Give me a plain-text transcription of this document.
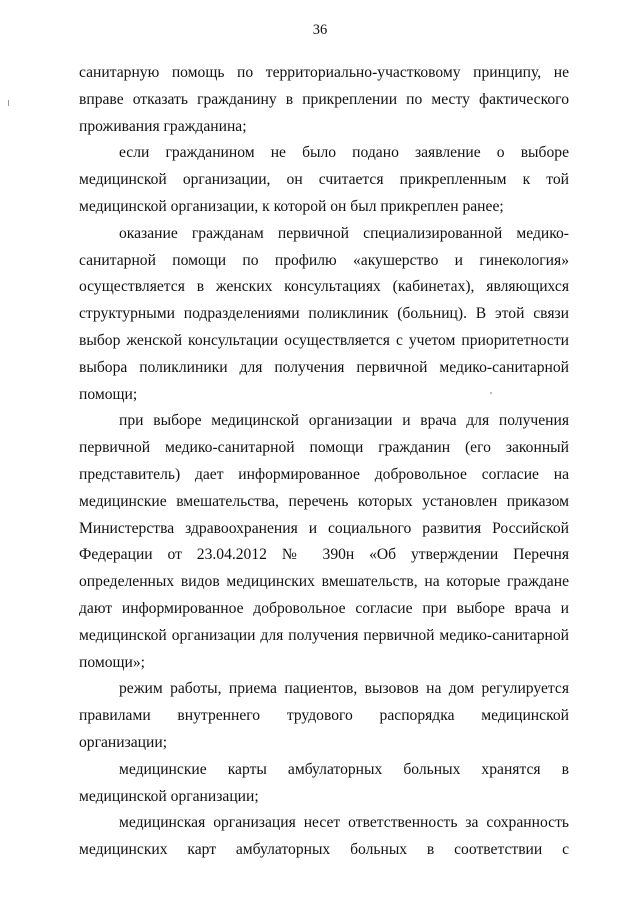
36

санитарную помощь по территориально-участковому принципу, не вправе отказать гражданину в прикреплении по месту фактического проживания гражданина;

если гражданином не было подано заявление о выборе медицинской организации, он считается прикрепленным к той медицинской организации, к которой он был прикреплен ранее;

оказание гражданам первичной специализированной медико-санитарной помощи по профилю «акушерство и гинекология» осуществляется в женских консультациях (кабинетах), являющихся структурными подразделениями поликлиник (больниц). В этой связи выбор женской консультации осуществляется с учетом приоритетности выбора поликлиники для получения первичной медико-санитарной помощи;

при выборе медицинской организации и врача для получения первичной медико-санитарной помощи гражданин (его законный представитель) дает информированное добровольное согласие на медицинские вмешательства, перечень которых установлен приказом Министерства здравоохранения и социального развития Российской Федерации от 23.04.2012 № 390н «Об утверждении Перечня определенных видов медицинских вмешательств, на которые граждане дают информированное добровольное согласие при выборе врача и медицинской организации для получения первичной медико-санитарной помощи»;

режим работы, приема пациентов, вызовов на дом регулируется правилами внутреннего трудового распорядка медицинской организации;

медицинские карты амбулаторных больных хранятся в медицинской организации;

медицинская организация несет ответственность за сохранность медицинских карт амбулаторных больных в соответствии с
